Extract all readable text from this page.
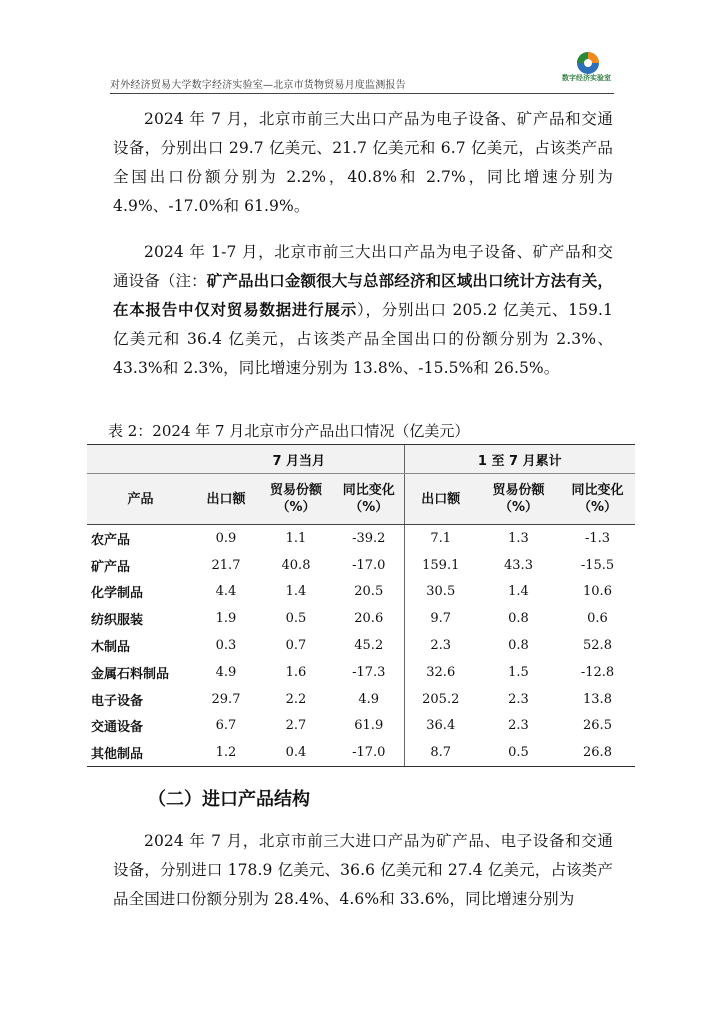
对外经济贸易大学数字经济实验室—北京市货物贸易月度监测报告
数字经济实验室

2024 年 7 月，北京市前三大出口产品为电子设备、矿产品和交通设备，分别出口 29.7 亿美元、21.7 亿美元和 6.7 亿美元，占该类产品全国出口份额分别为 2.2%，40.8%和 2.7%，同比增速分别为 4.9%、-17.0%和 61.9%。

2024 年 1-7 月，北京市前三大出口产品为电子设备、矿产品和交通设备（注：矿产品出口金额很大与总部经济和区域出口统计方法有关，在本报告中仅对贸易数据进行展示），分别出口 205.2 亿美元、159.1 亿美元和 36.4 亿美元，占该类产品全国出口的份额分别为 2.3%、43.3%和 2.3%，同比增速分别为 13.8%、-15.5%和 26.5%。

表 2：2024 年 7 月北京市分产品出口情况（亿美元）
	7 月当月			1 至 7 月累计		
产品	出口额	贸易份额（%）	同比变化（%）	出口额	贸易份额（%）	同比变化（%）
农产品	0.9	1.1	-39.2	7.1	1.3	-1.3
矿产品	21.7	40.8	-17.0	159.1	43.3	-15.5
化学制品	4.4	1.4	20.5	30.5	1.4	10.6
纺织服装	1.9	0.5	20.6	9.7	0.8	0.6
木制品	0.3	0.7	45.2	2.3	0.8	52.8
金属石料制品	4.9	1.6	-17.3	32.6	1.5	-12.8
电子设备	29.7	2.2	4.9	205.2	2.3	13.8
交通设备	6.7	2.7	61.9	36.4	2.3	26.5
其他制品	1.2	0.4	-17.0	8.7	0.5	26.8
（二）进口产品结构

2024 年 7 月，北京市前三大进口产品为矿产品、电子设备和交通设备，分别进口 178.9 亿美元、36.6 亿美元和 27.4 亿美元，占该类产品全国进口份额分别为 28.4%、4.6%和 33.6%，同比增速分别为
